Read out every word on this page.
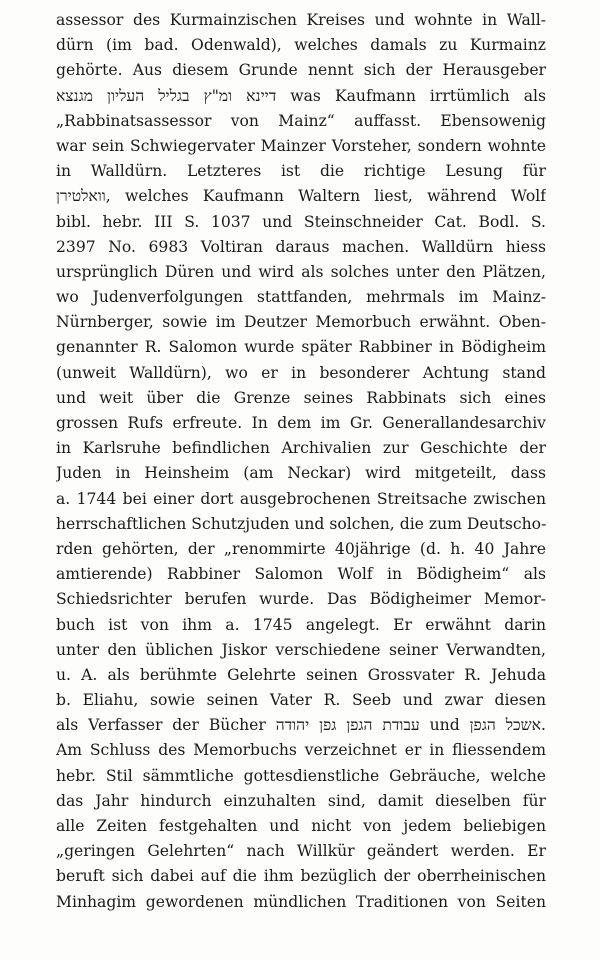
assessor des Kurmainzischen Kreises und wohnte in Wall-
dürn (im bad. Odenwald), welches damals zu Kurmainz
gehörte. Aus diesem Grunde nennt sich der Herausgeber
דיינא ומ"ץ בגליל העליון מגנצא was Kaufmann irrtümlich als
„Rabbinatsassessor von Mainz“ auffasst. Ebensowenig
war sein Schwiegervater Mainzer Vorsteher, sondern wohnte
in Walldürn. Letzteres ist die richtige Lesung für
וואלטירן, welches Kaufmann Waltern liest, während Wolf
bibl. hebr. III S. 1037 und Steinschneider Cat. Bodl. S.
2397 No. 6983 Voltiran daraus machen. Walldürn hiess
ursprünglich Düren und wird als solches unter den Plätzen,
wo Judenverfolgungen stattfanden, mehrmals im Mainz-
Nürnberger, sowie im Deutzer Memorbuch erwähnt. Oben-
genannter R. Salomon wurde später Rabbiner in Bödigheim
(unweit Walldürn), wo er in besonderer Achtung stand
und weit über die Grenze seines Rabbinats sich eines
grossen Rufs erfreute. In dem im Gr. Generallandesarchiv
in Karlsruhe befindlichen Archivalien zur Geschichte der
Juden in Heinsheim (am Neckar) wird mitgeteilt, dass
a. 1744 bei einer dort ausgebrochenen Streitsache zwischen
herrschaftlichen Schutzjuden und solchen, die zum Deutscho-
rden gehörten, der „renommirte 40jährige (d. h. 40 Jahre
amtierende) Rabbiner Salomon Wolf in Bödigheim“ als
Schiedsrichter berufen wurde. Das Bödigheimer Memor-
buch ist von ihm a. 1745 angelegt. Er erwähnt darin
unter den üblichen Jiskor verschiedene seiner Verwandten,
u. A. als berühmte Gelehrte seinen Grossvater R. Jehuda
b. Eliahu, sowie seinen Vater R. Seeb und zwar diesen
als Verfasser der Bücher עבודת הגפן גפן יהודה und אשכל הגפן.
Am Schluss des Memorbuchs verzeichnet er in fliessendem
hebr. Stil sämmtliche gottesdienstliche Gebräuche, welche
das Jahr hindurch einzuhalten sind, damit dieselben für
alle Zeiten festgehalten und nicht von jedem beliebigen
„geringen Gelehrten“ nach Willkür geändert werden. Er
beruft sich dabei auf die ihm bezüglich der oberrheinischen
Minhagim gewordenen mündlichen Traditionen von Seiten
